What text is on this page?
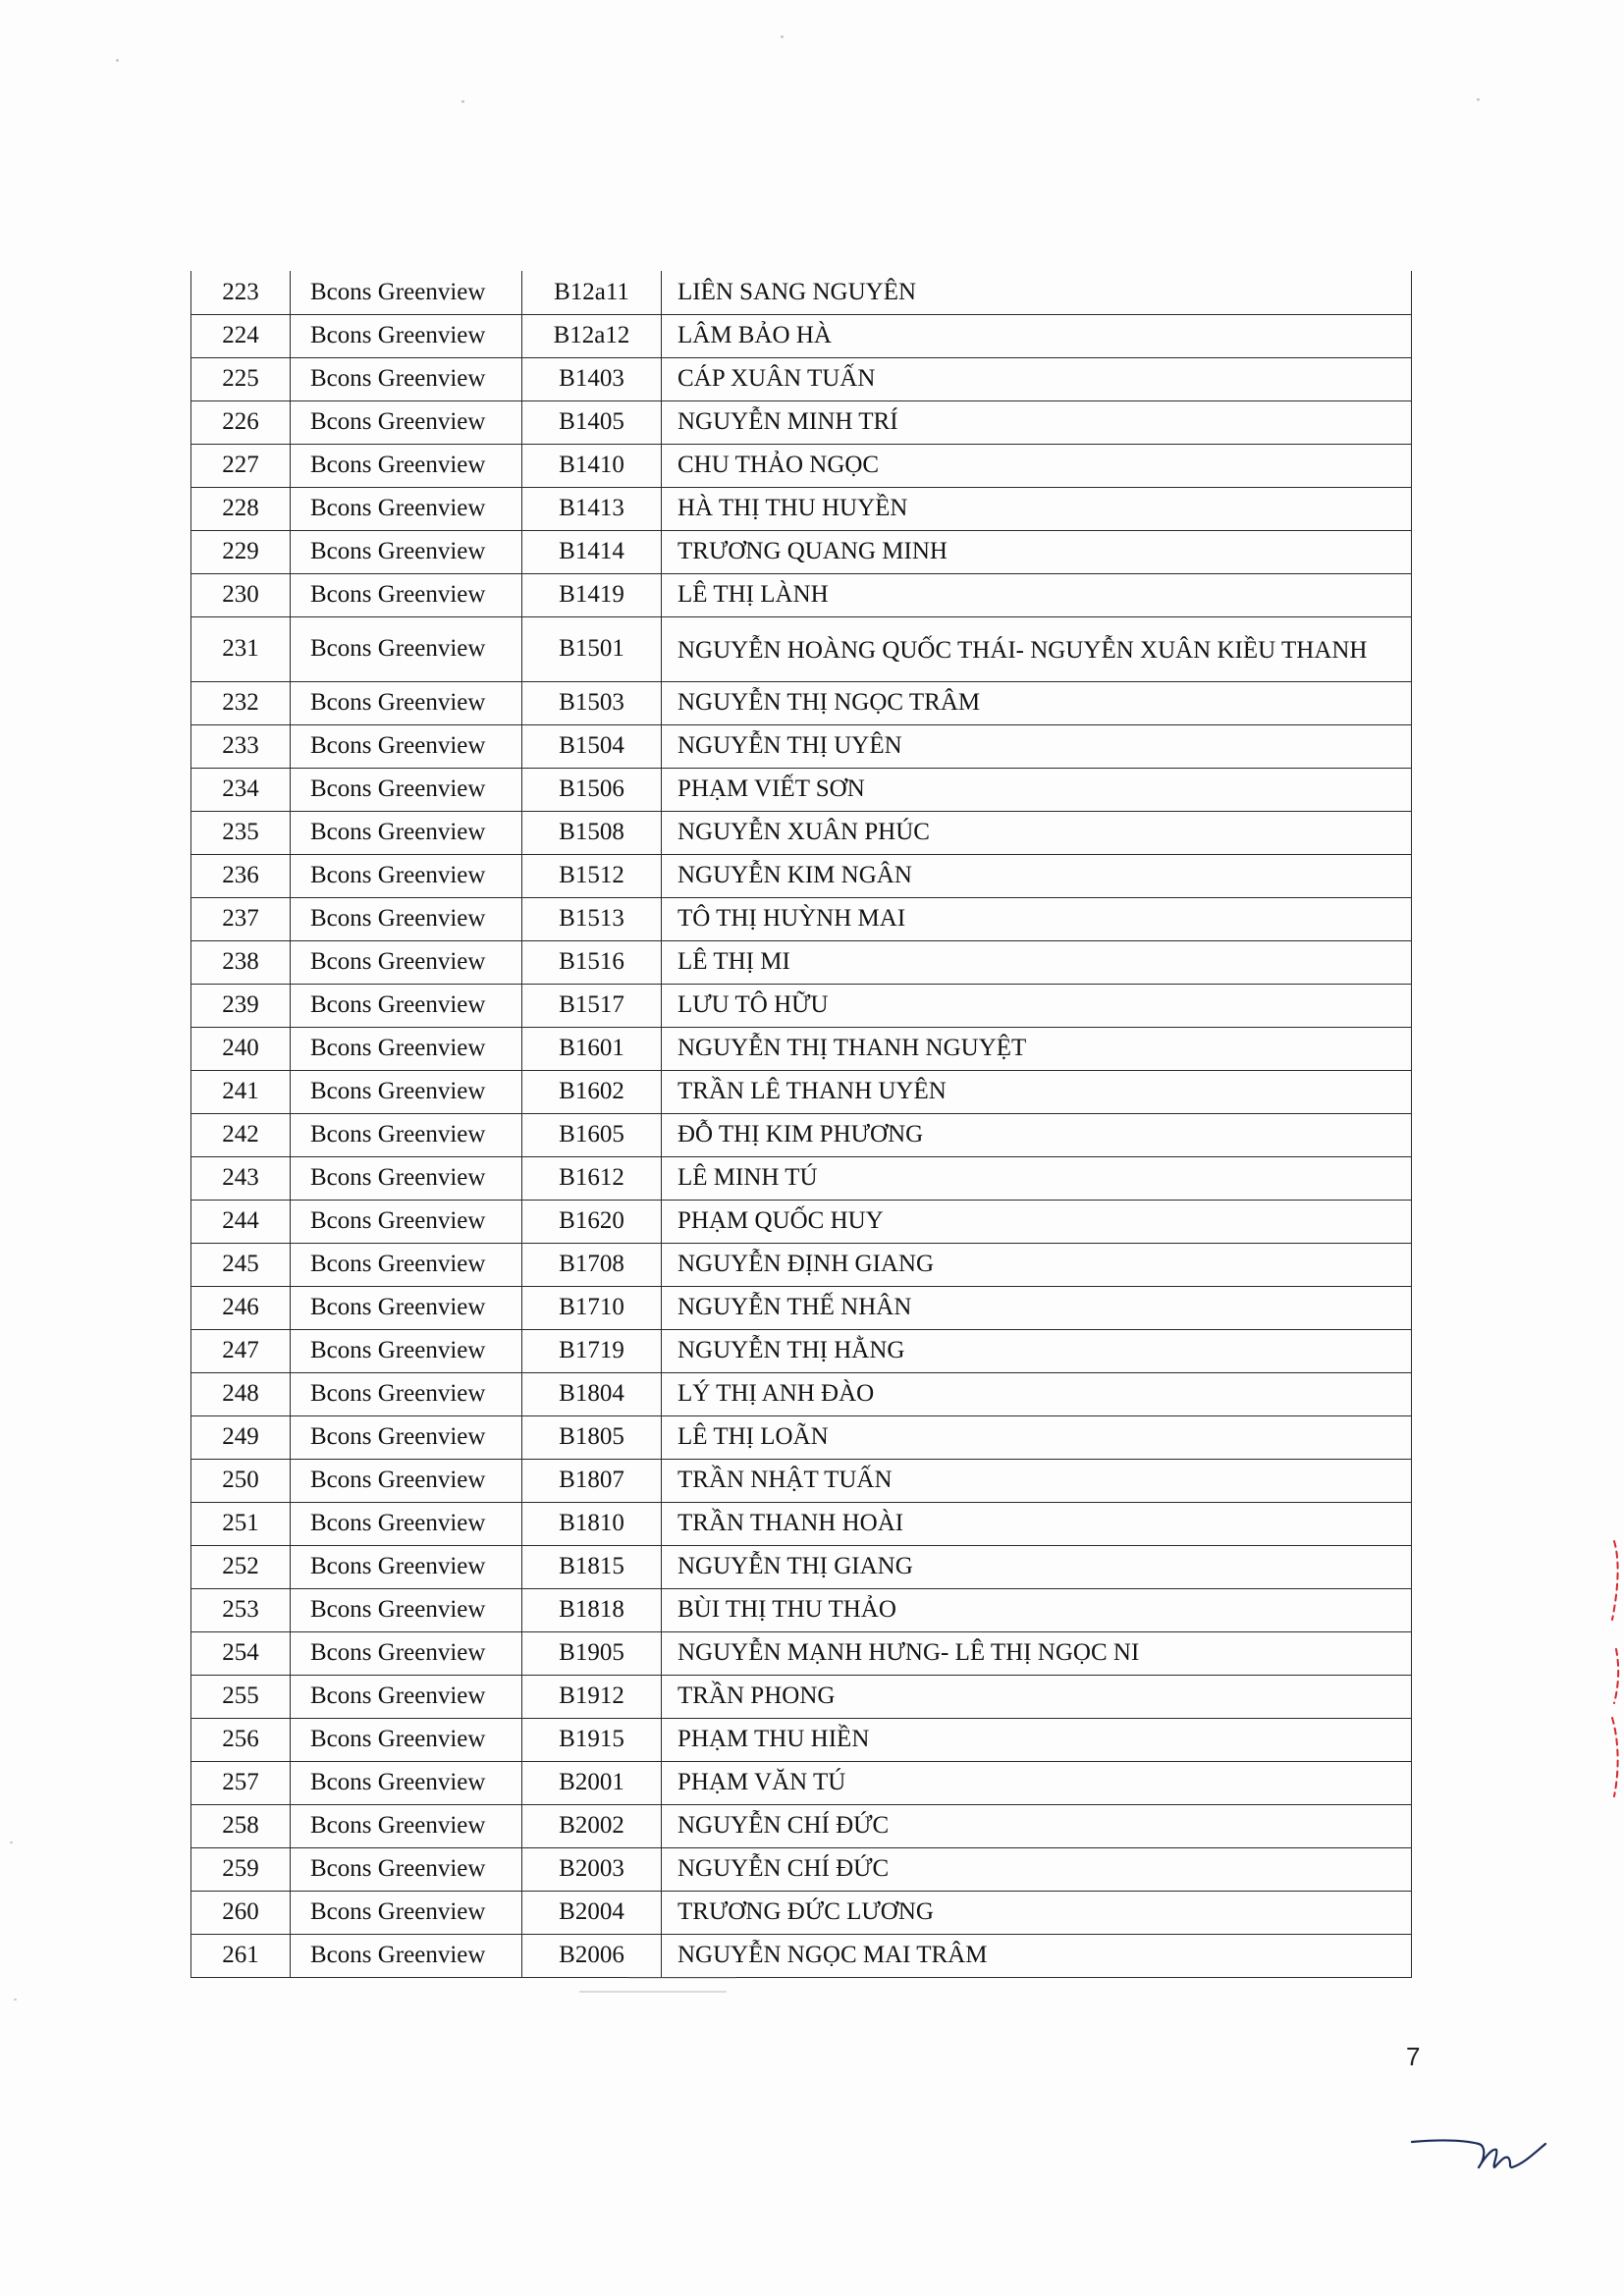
223	Bcons Greenview	B12a11	LIÊN SANG NGUYÊN
224	Bcons Greenview	B12a12	LÂM BẢO HÀ
225	Bcons Greenview	B1403	CÁP XUÂN TUẤN
226	Bcons Greenview	B1405	NGUYỄN MINH TRÍ
227	Bcons Greenview	B1410	CHU THẢO NGỌC
228	Bcons Greenview	B1413	HÀ THỊ THU HUYỀN
229	Bcons Greenview	B1414	TRƯƠNG QUANG MINH
230	Bcons Greenview	B1419	LÊ THỊ LÀNH
231	Bcons Greenview	B1501	NGUYỄN HOÀNG QUỐC THÁI- NGUYỄN XUÂN KIỀU THANH
232	Bcons Greenview	B1503	NGUYỄN THỊ NGỌC TRÂM
233	Bcons Greenview	B1504	NGUYỄN THỊ UYÊN
234	Bcons Greenview	B1506	PHẠM VIẾT SƠN
235	Bcons Greenview	B1508	NGUYỄN XUÂN PHÚC
236	Bcons Greenview	B1512	NGUYỄN KIM NGÂN
237	Bcons Greenview	B1513	TÔ THỊ HUỲNH MAI
238	Bcons Greenview	B1516	LÊ THỊ MI
239	Bcons Greenview	B1517	LƯU TÔ HỮU
240	Bcons Greenview	B1601	NGUYỄN THỊ THANH NGUYỆT
241	Bcons Greenview	B1602	TRẦN LÊ THANH UYÊN
242	Bcons Greenview	B1605	ĐỖ THỊ KIM PHƯƠNG
243	Bcons Greenview	B1612	LÊ MINH TÚ
244	Bcons Greenview	B1620	PHẠM QUỐC HUY
245	Bcons Greenview	B1708	NGUYỄN ĐỊNH GIANG
246	Bcons Greenview	B1710	NGUYỄN THẾ NHÂN
247	Bcons Greenview	B1719	NGUYỄN THỊ HẰNG
248	Bcons Greenview	B1804	LÝ THỊ ANH ĐÀO
249	Bcons Greenview	B1805	LÊ THỊ LOÃN
250	Bcons Greenview	B1807	TRẦN NHẬT TUẤN
251	Bcons Greenview	B1810	TRẦN THANH HOÀI
252	Bcons Greenview	B1815	NGUYỄN THỊ GIANG
253	Bcons Greenview	B1818	BÙI THỊ THU THẢO
254	Bcons Greenview	B1905	NGUYỄN MẠNH HƯNG- LÊ THỊ NGỌC NI
255	Bcons Greenview	B1912	TRẦN PHONG
256	Bcons Greenview	B1915	PHẠM THU HIỀN
257	Bcons Greenview	B2001	PHẠM VĂN TÚ
258	Bcons Greenview	B2002	NGUYỄN CHÍ ĐỨC
259	Bcons Greenview	B2003	NGUYỄN CHÍ ĐỨC
260	Bcons Greenview	B2004	TRƯƠNG ĐỨC LƯƠNG
261	Bcons Greenview	B2006	NGUYỄN NGỌC MAI TRÂM
7
